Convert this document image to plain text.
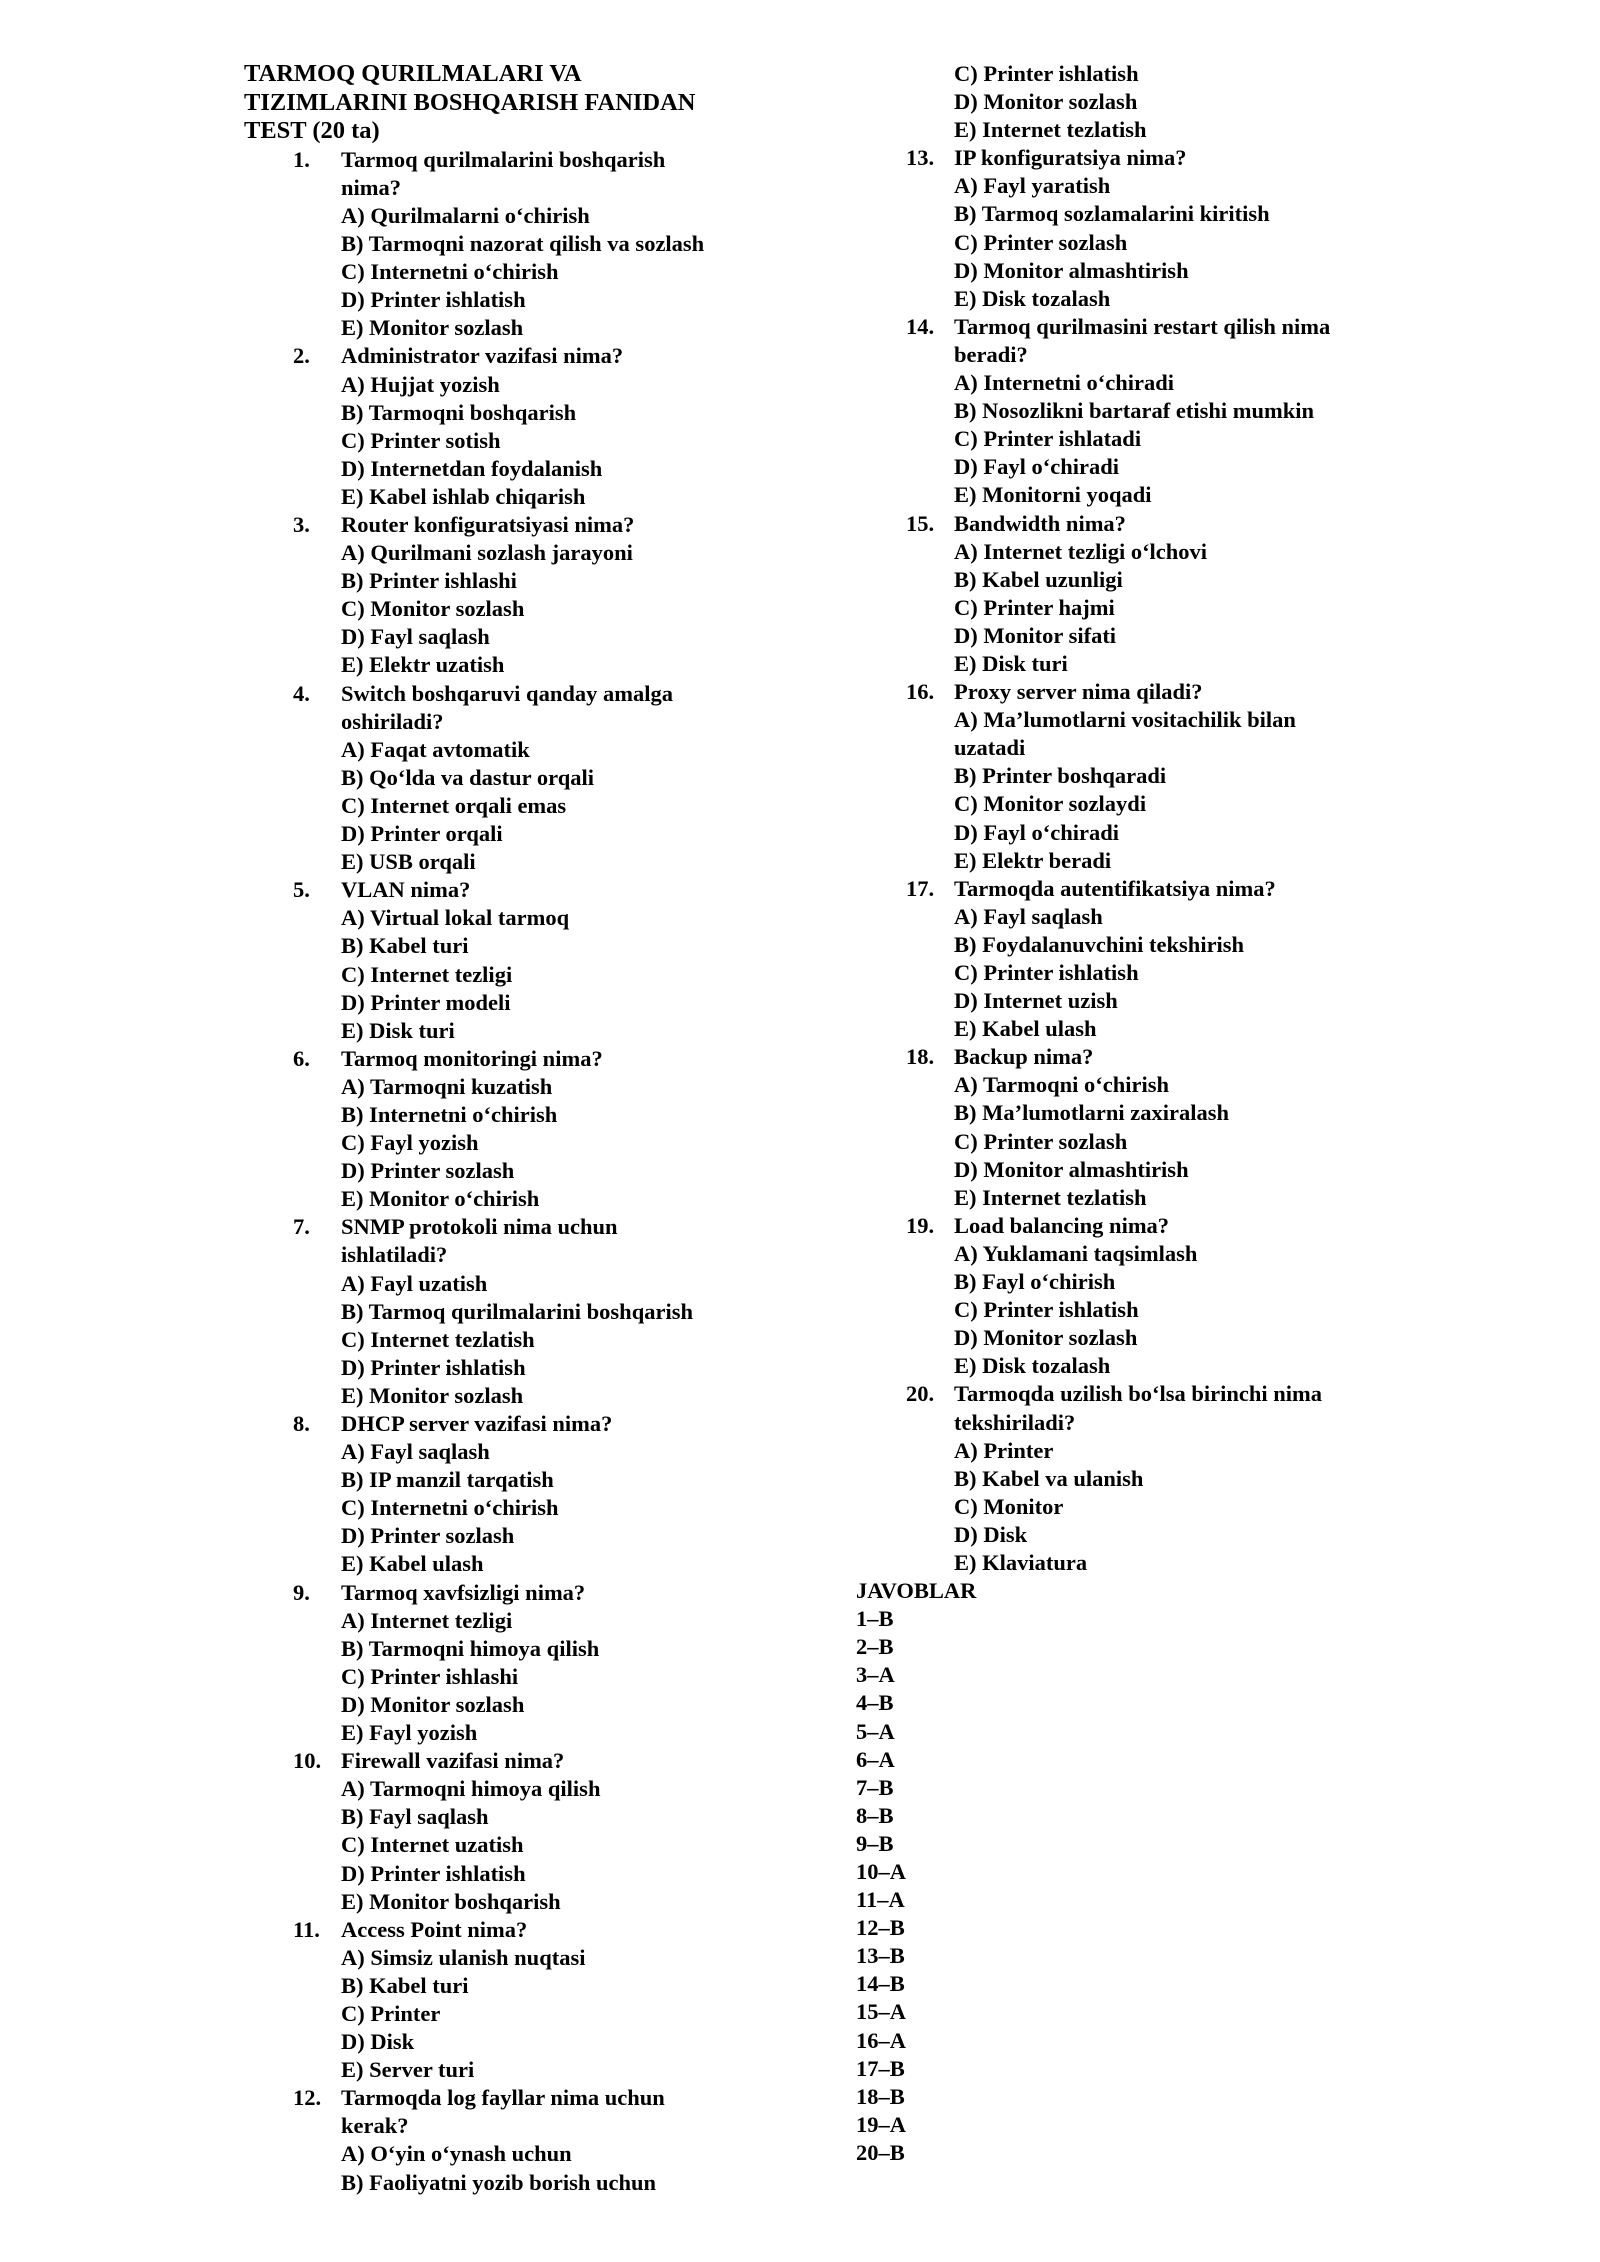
TARMOQ QURILMALARI VA
TIZIMLARINI BOSHQARISH FANIDAN
TEST (20 ta)
1. Tarmoq qurilmalarini boshqarish
nima?
A) Qurilmalarni o‘chirish
B) Tarmoqni nazorat qilish va sozlash
C) Internetni o‘chirish
D) Printer ishlatish
E) Monitor sozlash
2. Administrator vazifasi nima?
A) Hujjat yozish
B) Tarmoqni boshqarish
C) Printer sotish
D) Internetdan foydalanish
E) Kabel ishlab chiqarish
3. Router konfiguratsiyasi nima?
A) Qurilmani sozlash jarayoni
B) Printer ishlashi
C) Monitor sozlash
D) Fayl saqlash
E) Elektr uzatish
4. Switch boshqaruvi qanday amalga
oshiriladi?
A) Faqat avtomatik
B) Qo‘lda va dastur orqali
C) Internet orqali emas
D) Printer orqali
E) USB orqali
5. VLAN nima?
A) Virtual lokal tarmoq
B) Kabel turi
C) Internet tezligi
D) Printer modeli
E) Disk turi
6. Tarmoq monitoringi nima?
A) Tarmoqni kuzatish
B) Internetni o‘chirish
C) Fayl yozish
D) Printer sozlash
E) Monitor o‘chirish
7. SNMP protokoli nima uchun
ishlatiladi?
A) Fayl uzatish
B) Tarmoq qurilmalarini boshqarish
C) Internet tezlatish
D) Printer ishlatish
E) Monitor sozlash
8. DHCP server vazifasi nima?
A) Fayl saqlash
B) IP manzil tarqatish
C) Internetni o‘chirish
D) Printer sozlash
E) Kabel ulash
9. Tarmoq xavfsizligi nima?
A) Internet tezligi
B) Tarmoqni himoya qilish
C) Printer ishlashi
D) Monitor sozlash
E) Fayl yozish
10. Firewall vazifasi nima?
A) Tarmoqni himoya qilish
B) Fayl saqlash
C) Internet uzatish
D) Printer ishlatish
E) Monitor boshqarish
11. Access Point nima?
A) Simsiz ulanish nuqtasi
B) Kabel turi
C) Printer
D) Disk
E) Server turi
12. Tarmoqda log fayllar nima uchun
kerak?
A) O‘yin o‘ynash uchun
B) Faoliyatni yozib borish uchun
C) Printer ishlatish
D) Monitor sozlash
E) Internet tezlatish
13. IP konfiguratsiya nima?
A) Fayl yaratish
B) Tarmoq sozlamalarini kiritish
C) Printer sozlash
D) Monitor almashtirish
E) Disk tozalash
14. Tarmoq qurilmasini restart qilish nima
beradi?
A) Internetni o‘chiradi
B) Nosozlikni bartaraf etishi mumkin
C) Printer ishlatadi
D) Fayl o‘chiradi
E) Monitorni yoqadi
15. Bandwidth nima?
A) Internet tezligi o‘lchovi
B) Kabel uzunligi
C) Printer hajmi
D) Monitor sifati
E) Disk turi
16. Proxy server nima qiladi?
A) Ma’lumotlarni vositachilik bilan
uzatadi
B) Printer boshqaradi
C) Monitor sozlaydi
D) Fayl o‘chiradi
E) Elektr beradi
17. Tarmoqda autentifikatsiya nima?
A) Fayl saqlash
B) Foydalanuvchini tekshirish
C) Printer ishlatish
D) Internet uzish
E) Kabel ulash
18. Backup nima?
A) Tarmoqni o‘chirish
B) Ma’lumotlarni zaxiralash
C) Printer sozlash
D) Monitor almashtirish
E) Internet tezlatish
19. Load balancing nima?
A) Yuklamani taqsimlash
B) Fayl o‘chirish
C) Printer ishlatish
D) Monitor sozlash
E) Disk tozalash
20. Tarmoqda uzilish bo‘lsa birinchi nima
tekshiriladi?
A) Printer
B) Kabel va ulanish
C) Monitor
D) Disk
E) Klaviatura
JAVOBLAR
1–B
2–B
3–A
4–B
5–A
6–A
7–B
8–B
9–B
10–A
11–A
12–B
13–B
14–B
15–A
16–A
17–B
18–B
19–A
20–B
